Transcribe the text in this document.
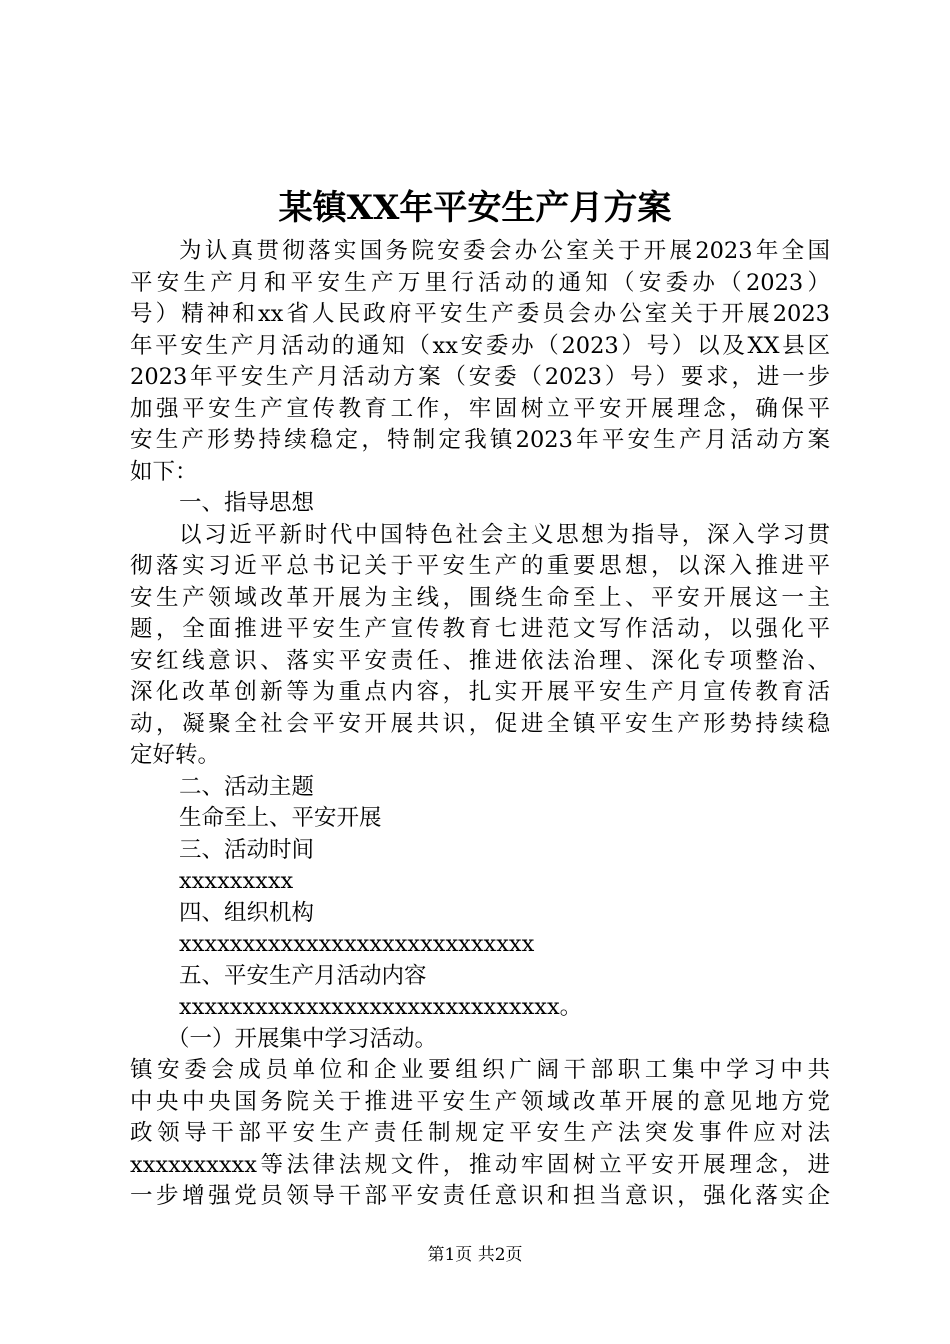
某镇XX年平安生产月方案
为认真贯彻落实国务院安委会办公室关于开展2023年全国
平安生产月和平安生产万里行活动的通知（安委办（2023）
号）精神和xx省人民政府平安生产委员会办公室关于开展2023
年平安生产月活动的通知（xx安委办（2023）号）以及XX县区
2023年平安生产月活动方案（安委（2023）号）要求，进一步
加强平安生产宣传教育工作，牢固树立平安开展理念，确保平
安生产形势持续稳定，特制定我镇2023年平安生产月活动方案
如下：
一、指导思想
以习近平新时代中国特色社会主义思想为指导，深入学习贯
彻落实习近平总书记关于平安生产的重要思想，以深入推进平
安生产领域改革开展为主线，围绕生命至上、平安开展这一主
题，全面推进平安生产宣传教育七进范文写作活动，以强化平
安红线意识、落实平安责任、推进依法治理、深化专项整治、
深化改革创新等为重点内容，扎实开展平安生产月宣传教育活
动，凝聚全社会平安开展共识，促进全镇平安生产形势持续稳
定好转。
二、活动主题
生命至上、平安开展
三、活动时间
xxxxxxxxx
四、组织机构
xxxxxxxxxxxxxxxxxxxxxxxxxxxx
五、平安生产月活动内容
xxxxxxxxxxxxxxxxxxxxxxxxxxxxxx。
（一）开展集中学习活动。
镇安委会成员单位和企业要组织广阔干部职工集中学习中共
中央中央国务院关于推进平安生产领域改革开展的意见地方党
政领导干部平安生产责任制规定平安生产法突发事件应对法
xxxxxxxxxx等法律法规文件，推动牢固树立平安开展理念，进
一步增强党员领导干部平安责任意识和担当意识，强化落实企
第1页 共2页
